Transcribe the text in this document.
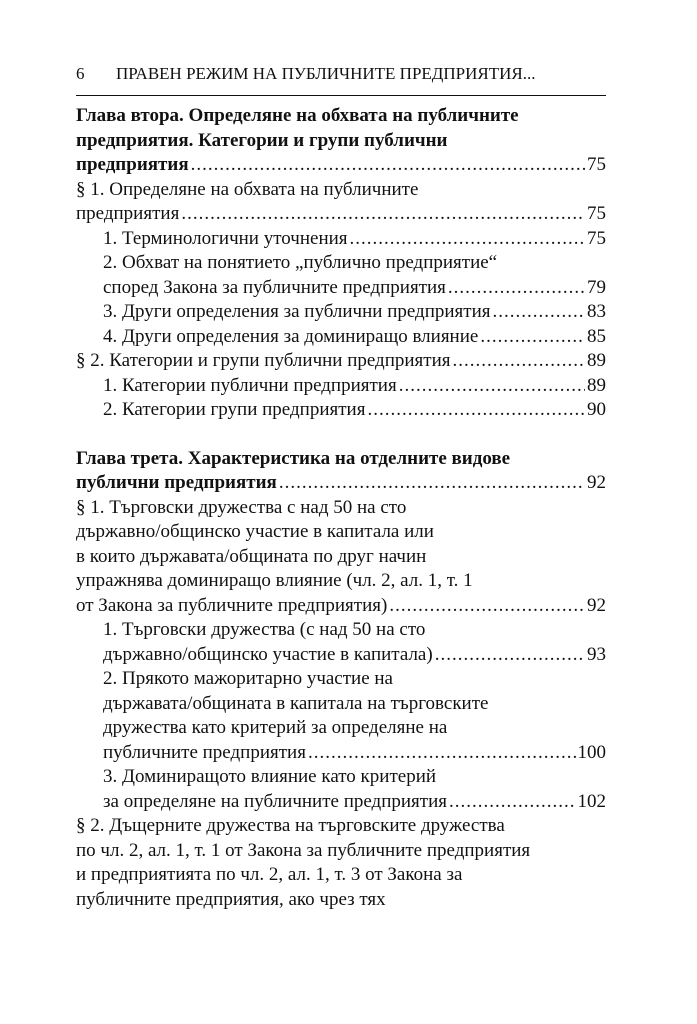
6 ПРАВЕН РЕЖИМ НА ПУБЛИЧНИТЕ ПРЕДПРИЯТИЯ...
Глава втора. Определяне на обхвата на публичните
предприятия. Категории и групи публични
предприятия .....	75
§ 1. Определяне на обхвата на публичните
предприятия .....	75
1. Терминологични уточнения .....	75
2. Обхват на понятието „публично предприятие“
според Закона за публичните предприятия .....	79
3. Други определения за публични предприятия .....	83
4. Други определения за доминиращо влияние .....	85
§ 2. Категории и групи публични предприятия .....	89
1. Категории публични предприятия .....	89
2. Категории групи предприятия .....	90
Глава трета. Характеристика на отделните видове
публични предприятия .....	92
§ 1. Търговски дружества с над 50 на сто
държавно/общинско участие в капитала или
в които държавата/общината по друг начин
упражнява доминиращо влияние (чл. 2, ал. 1, т. 1
от Закона за публичните предприятия) .....	92
1. Търговски дружества (с над 50 на сто
държавно/общинско участие в капитала) .....	93
2. Прякото мажоритарно участие на
държавата/общината в капитала на търговските
дружества като критерий за определяне на
публичните предприятия .....	100
3. Доминиращото влияние като критерий
за определяне на публичните предприятия .....	102
§ 2. Дъщерните дружества на търговските дружества
по чл. 2, ал. 1, т. 1 от Закона за публичните предприятия
и предприятията по чл. 2, ал. 1, т. 3 от Закона за
публичните предприятия, ако чрез тях
